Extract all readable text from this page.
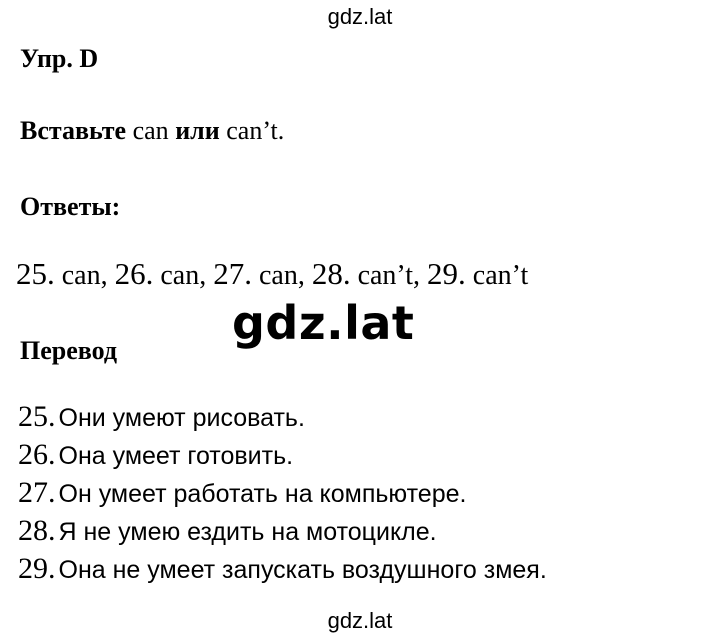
gdz.lat
Упр. D
Вставьте can или can’t.
Ответы:
25. can, 26. can, 27. can, 28. can’t, 29. can’t
gdz.lat
Перевод
25. Они умеют рисовать.
26. Она умеет готовить.
27. Он умеет работать на компьютере.
28. Я не умею ездить на мотоцикле.
29. Она не умеет запускать воздушного змея.
gdz.lat
